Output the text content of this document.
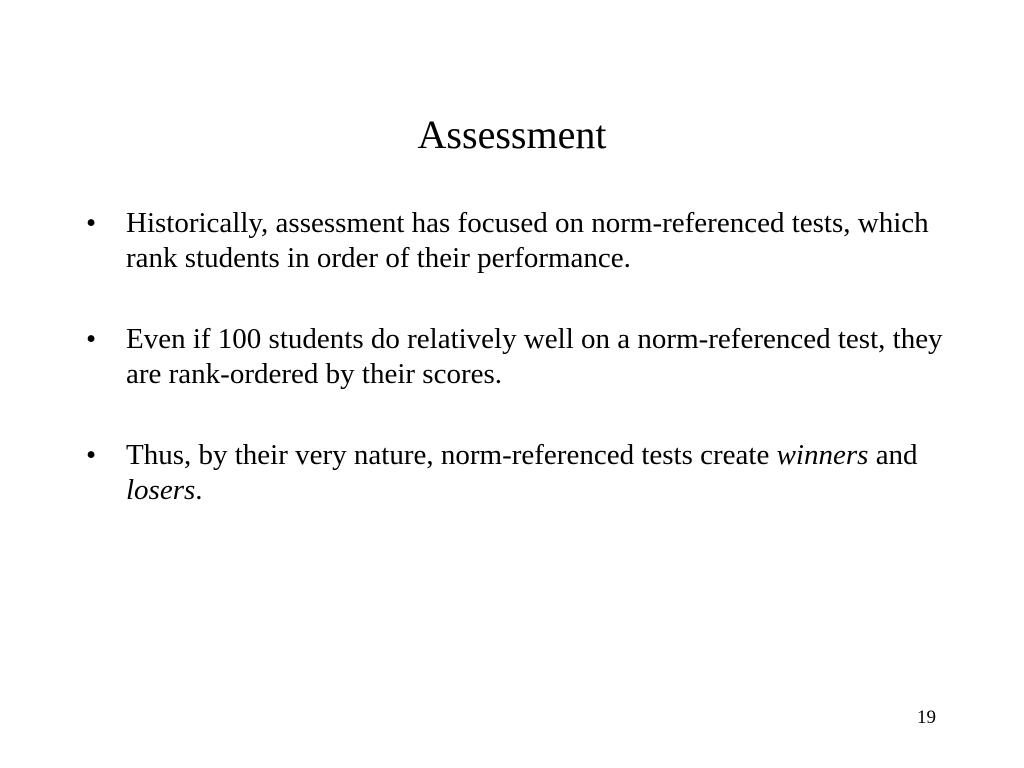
Assessment
•	Historically, assessment has focused on norm-referenced tests, which rank students in order of their performance.
•	Even if 100 students do relatively well on a norm-referenced test, they are rank-ordered by their scores.
•	Thus, by their very nature, norm-referenced tests create winners and losers.
19
